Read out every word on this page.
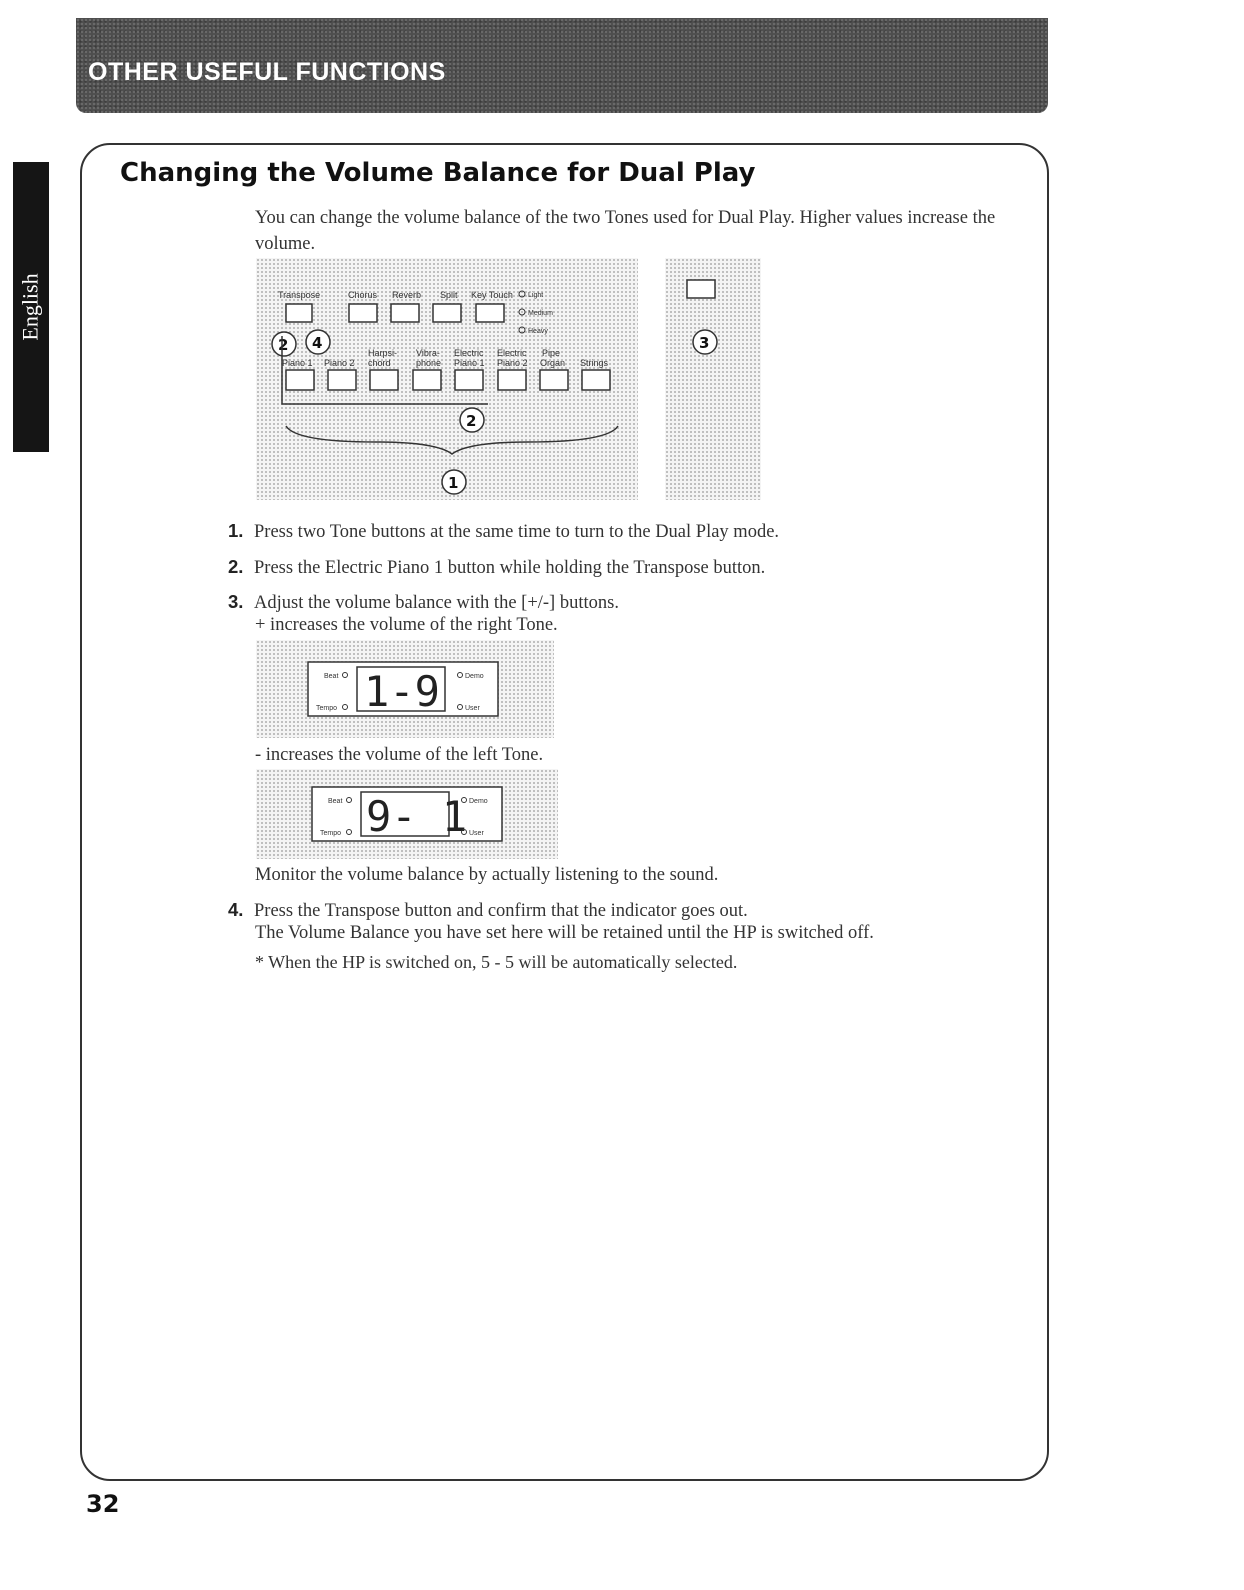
OTHER USEFUL FUNCTIONS
English
Changing the Volume Balance for Dual Play
You can change the volume balance of the two Tones used for Dual Play. Higher values increase the volume.
Transpose	Chorus Reverb Split Key Touch Light
Medium
Heavy
2 4
Harpsi- Vibra- Electric Electric Pipe
Piano 1 Piano 2 chord	phone Piano 1 Piano 2 Organ Strings
2
1
3
1. Press two Tone buttons at the same time to turn to the Dual Play mode.
2. Press the Electric Piano 1 button while holding the Transpose button.
3. Adjust the volume balance with the [+/-] buttons.
+ increases the volume of the right Tone.
Beat
Tempo 1-9	Demo
User
- increases the volume of the left Tone.
Beat
Tempo 9- 1 Demo
User
Monitor the volume balance by actually listening to the sound.
4. Press the Transpose button and confirm that the indicator goes out.
The Volume Balance you have set here will be retained until the HP is switched off.
* When the HP is switched on, 5 - 5 will be automatically selected.
32
